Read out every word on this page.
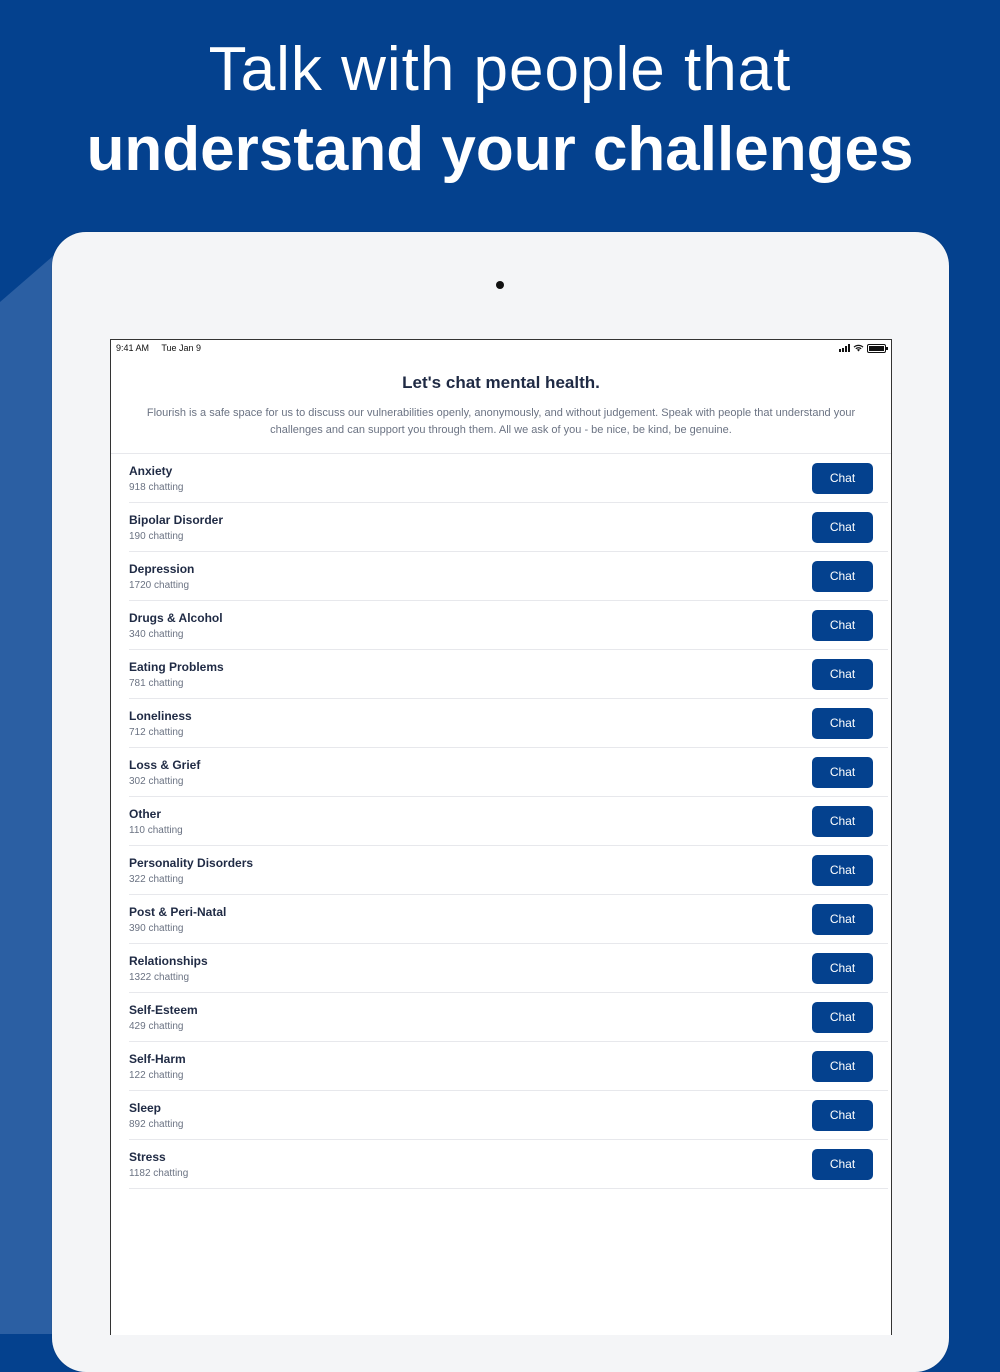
Talk with people that
understand your challenges
9:41 AM Tue Jan 9
Let's chat mental health.
Flourish is a safe space for us to discuss our vulnerabilities openly, anonymously, and without judgement. Speak with people that understand your challenges and can support you through them. All we ask of you - be nice, be kind, be genuine.
Anxiety
918 chatting
Chat
Bipolar Disorder
190 chatting
Chat
Depression
1720 chatting
Chat
Drugs & Alcohol
340 chatting
Chat
Eating Problems
781 chatting
Chat
Loneliness
712 chatting
Chat
Loss & Grief
302 chatting
Chat
Other
110 chatting
Chat
Personality Disorders
322 chatting
Chat
Post & Peri-Natal
390 chatting
Chat
Relationships
1322 chatting
Chat
Self-Esteem
429 chatting
Chat
Self-Harm
122 chatting
Chat
Sleep
892 chatting
Chat
Stress
1182 chatting
Chat
